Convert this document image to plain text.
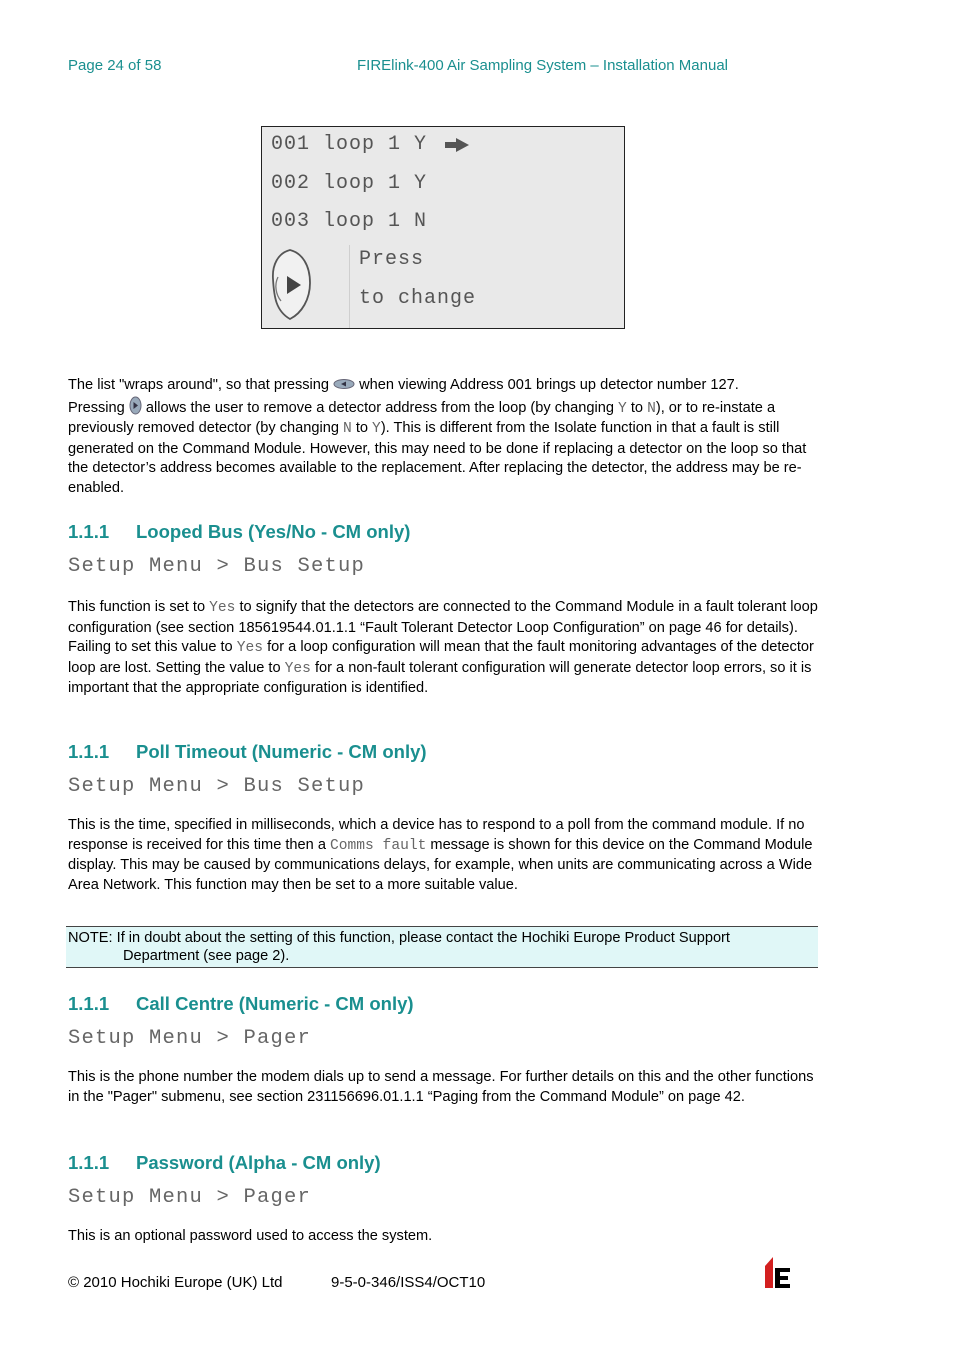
Page 24 of 58	FIRElink-400 Air Sampling System – Installation Manual
001 loop 1 Y
002 loop 1 Y
003 loop 1 N
Press
to change
The list "wraps around", so that pressing  when viewing Address 001 brings up detector number 127.
Pressing  allows the user to remove a detector address from the loop (by changing Y to N), or to re-instate a previously removed detector (by changing N to Y). This is different from the Isolate function in that a fault is still generated on the Command Module. However, this may need to be done if replacing a detector on the loop so that the detector’s address becomes available to the replacement. After replacing the detector, the address may be re-enabled.
1.1.1 Looped Bus (Yes/No - CM only)
Setup Menu > Bus Setup
This function is set to Yes to signify that the detectors are connected to the Command Module in a fault tolerant loop configuration (see section 185619544.01.1.1 “Fault Tolerant Detector Loop Configuration” on page 46 for details). Failing to set this value to Yes for a loop configuration will mean that the fault monitoring advantages of the detector loop are lost. Setting the value to Yes for a non-fault tolerant configuration will generate detector loop errors, so it is important that the appropriate configuration is identified.
1.1.1 Poll Timeout (Numeric - CM only)
Setup Menu > Bus Setup
This is the time, specified in milliseconds, which a device has to respond to a poll from the command module. If no response is received for this time then a Comms fault message is shown for this device on the Command Module display. This may be caused by communications delays, for example, when units are communicating across a Wide Area Network. This function may then be set to a more suitable value.
NOTE: If in doubt about the setting of this function, please contact the Hochiki Europe Product Support
Department (see page 2).
1.1.1 Call Centre (Numeric - CM only)
Setup Menu > Pager
This is the phone number the modem dials up to send a message. For further details on this and the other functions in the "Pager" submenu, see section 231156696.01.1.1 “Paging from the Command Module” on page 42.
1.1.1 Password (Alpha - CM only)
Setup Menu > Pager
This is an optional password used to access the system.
© 2010 Hochiki Europe (UK) Ltd	9-5-0-346/ISS4/OCT10
